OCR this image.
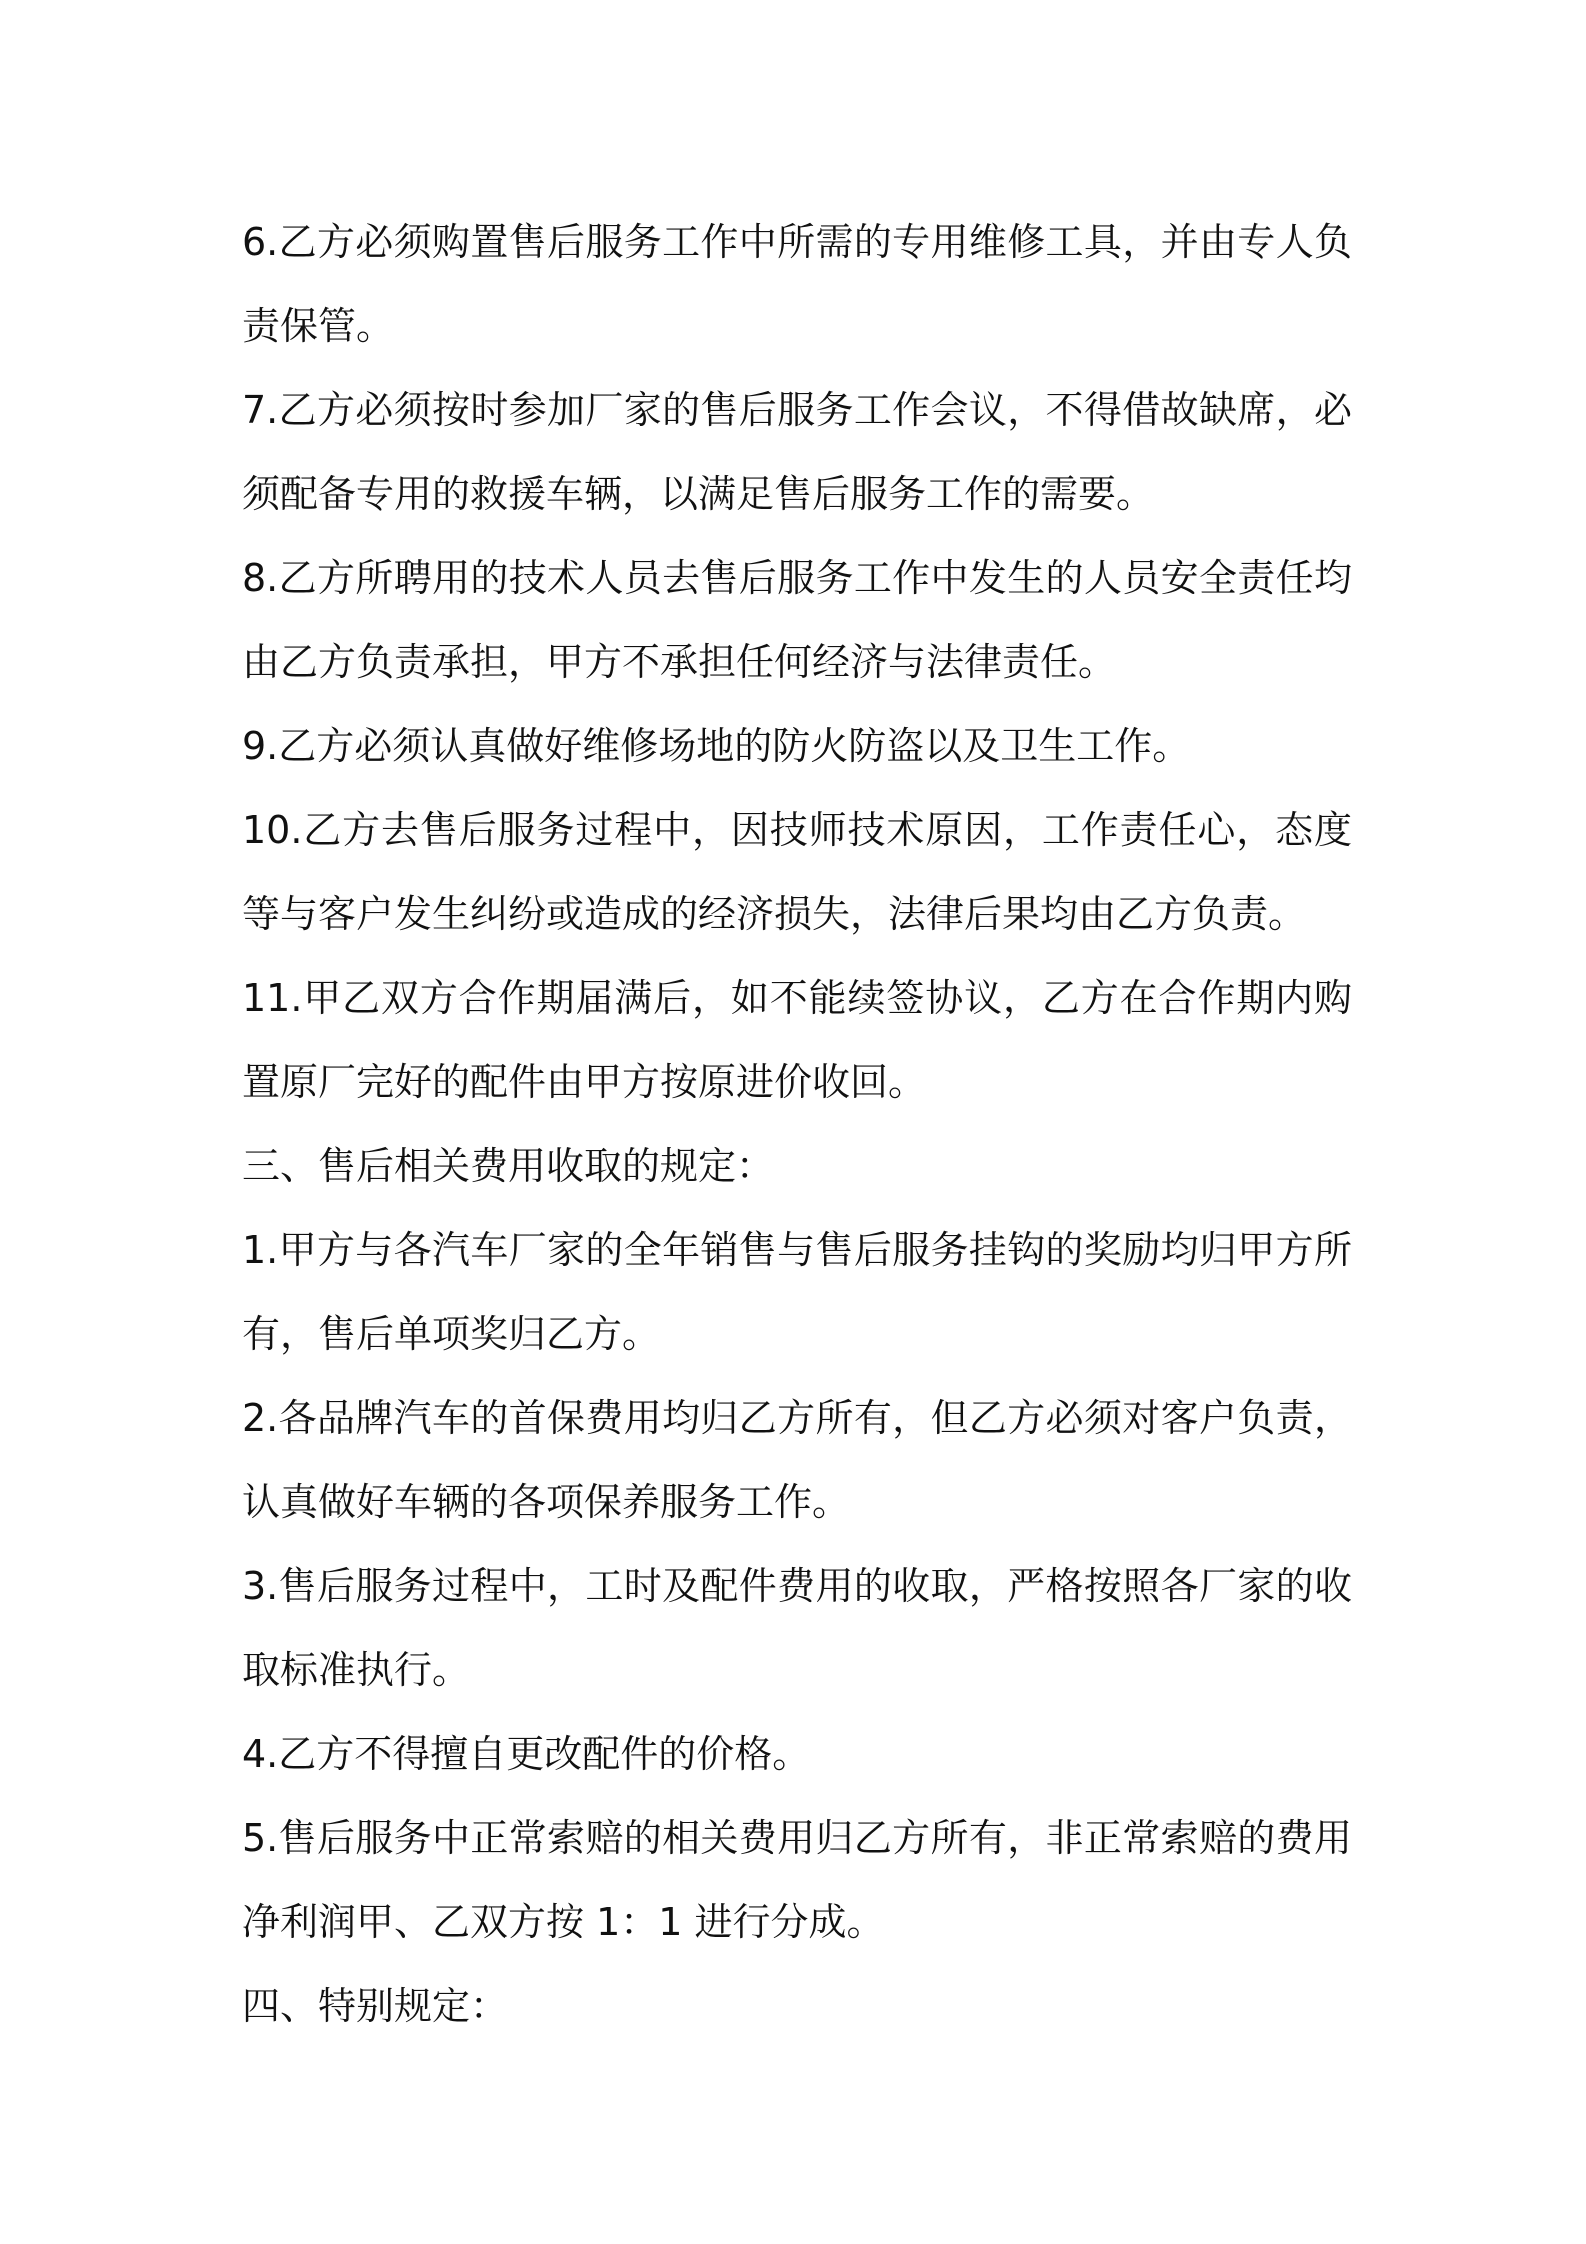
6.乙方必须购置售后服务工作中所需的专用维修工具，并由专人负责保管。

7.乙方必须按时参加厂家的售后服务工作会议，不得借故缺席，必须配备专用的救援车辆，以满足售后服务工作的需要。

8.乙方所聘用的技术人员去售后服务工作中发生的人员安全责任均由乙方负责承担，甲方不承担任何经济与法律责任。

9.乙方必须认真做好维修场地的防火防盗以及卫生工作。

10.乙方去售后服务过程中，因技师技术原因，工作责任心，态度等与客户发生纠纷或造成的经济损失，法律后果均由乙方负责。

11.甲乙双方合作期届满后，如不能续签协议，乙方在合作期内购置原厂完好的配件由甲方按原进价收回。

三、售后相关费用收取的规定：

1.甲方与各汽车厂家的全年销售与售后服务挂钩的奖励均归甲方所有，售后单项奖归乙方。

2.各品牌汽车的首保费用均归乙方所有，但乙方必须对客户负责，认真做好车辆的各项保养服务工作。

3.售后服务过程中，工时及配件费用的收取，严格按照各厂家的收取标准执行。

4.乙方不得擅自更改配件的价格。

5.售后服务中正常索赔的相关费用归乙方所有，非正常索赔的费用净利润甲、乙双方按 1：1 进行分成。

四、特别规定：
